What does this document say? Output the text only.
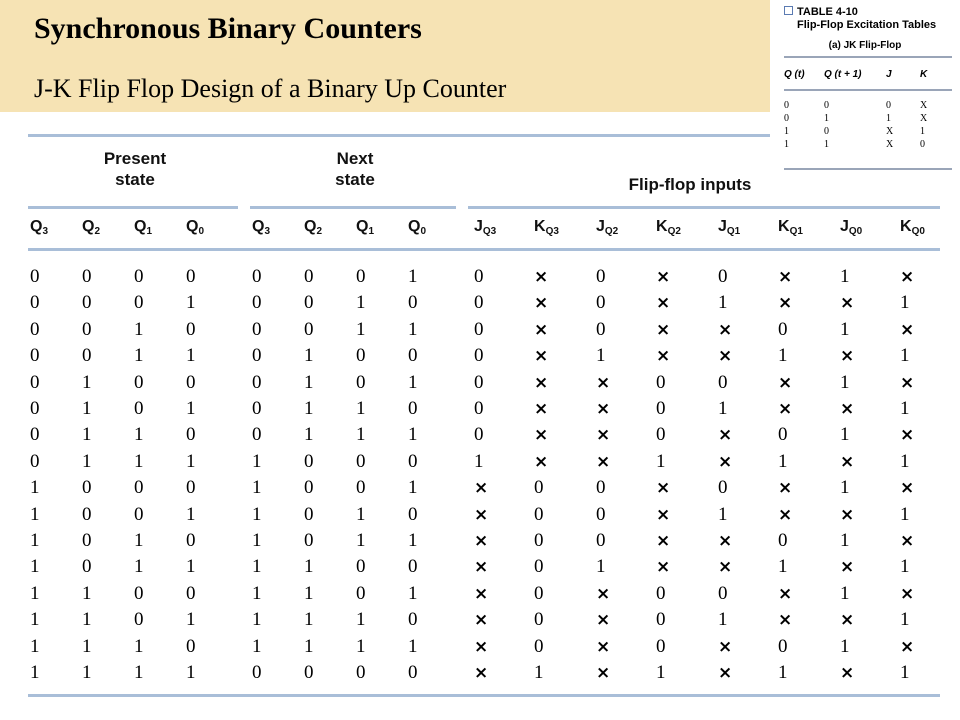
Synchronous Binary Counters
J-K Flip Flop Design of a Binary Up Counter
Present
state
Next
state	Flip-flop inputs
$Q_3$ $Q_2$ $Q_1$ $Q_0$	$Q_3$ $Q_2$ $Q_1$ $Q_0$	$J_{Q3}$ $K_{Q3}$ $J_{Q2}$ $K_{Q2}$ $J_{Q1}$ $K_{Q1}$ $J_{Q0}$ $K_{Q0}$
0 0 0 0	0 0 0 1	0	×	0	×	0	×	1	×
0 0 0 1	0 0 1 0	0	×	0	×	1	×	× 1
0 0 1 0	0 0 1 1	0	×	0	×	× 0	1	×
0 0 1 1	0 1 0 0	0	×	1	×	× 1	× 1
0 1 0 0	0 1 0 1	0	×	× 0	0	×	1	×
0 1 0 1	0 1 1 0	0	×	× 0	1	×	× 1
0 1 1 0	0 1 1 1	0	×	× 0	× 0	1	×
0 1 1 1	1 0 0 0	1	×	× 1	× 1	× 1
1 0 0 0	1 0 0 1	× 0	0	×	0	×	1	×
1 0 0 1	1 0 1 0	× 0	0	×	1	×	× 1
1 0 1 0	1 0 1 1	× 0	0	×	× 0	1	×
1 0 1 1	1 1 0 0	× 0	1	×	× 1	× 1
1 1 0 0	1 1 0 1	× 0	× 0	0	×	1	×
1 1 0 1	1 1 1 0	× 0	× 0	1	×	× 1
1 1 1 0	1 1 1 1	× 0	× 0	× 0	1	×
1 1 1 1	0 0 0 0	× 1	× 1	× 1	× 1
TABLE 4-10
Flip-Flop Excitation Tables
(a) JK Flip-Flop
Q (t)	Q (t + 1)	J	K
0	0	0	X
0	1	1	X
1	0	X	1
1	1	X	0
